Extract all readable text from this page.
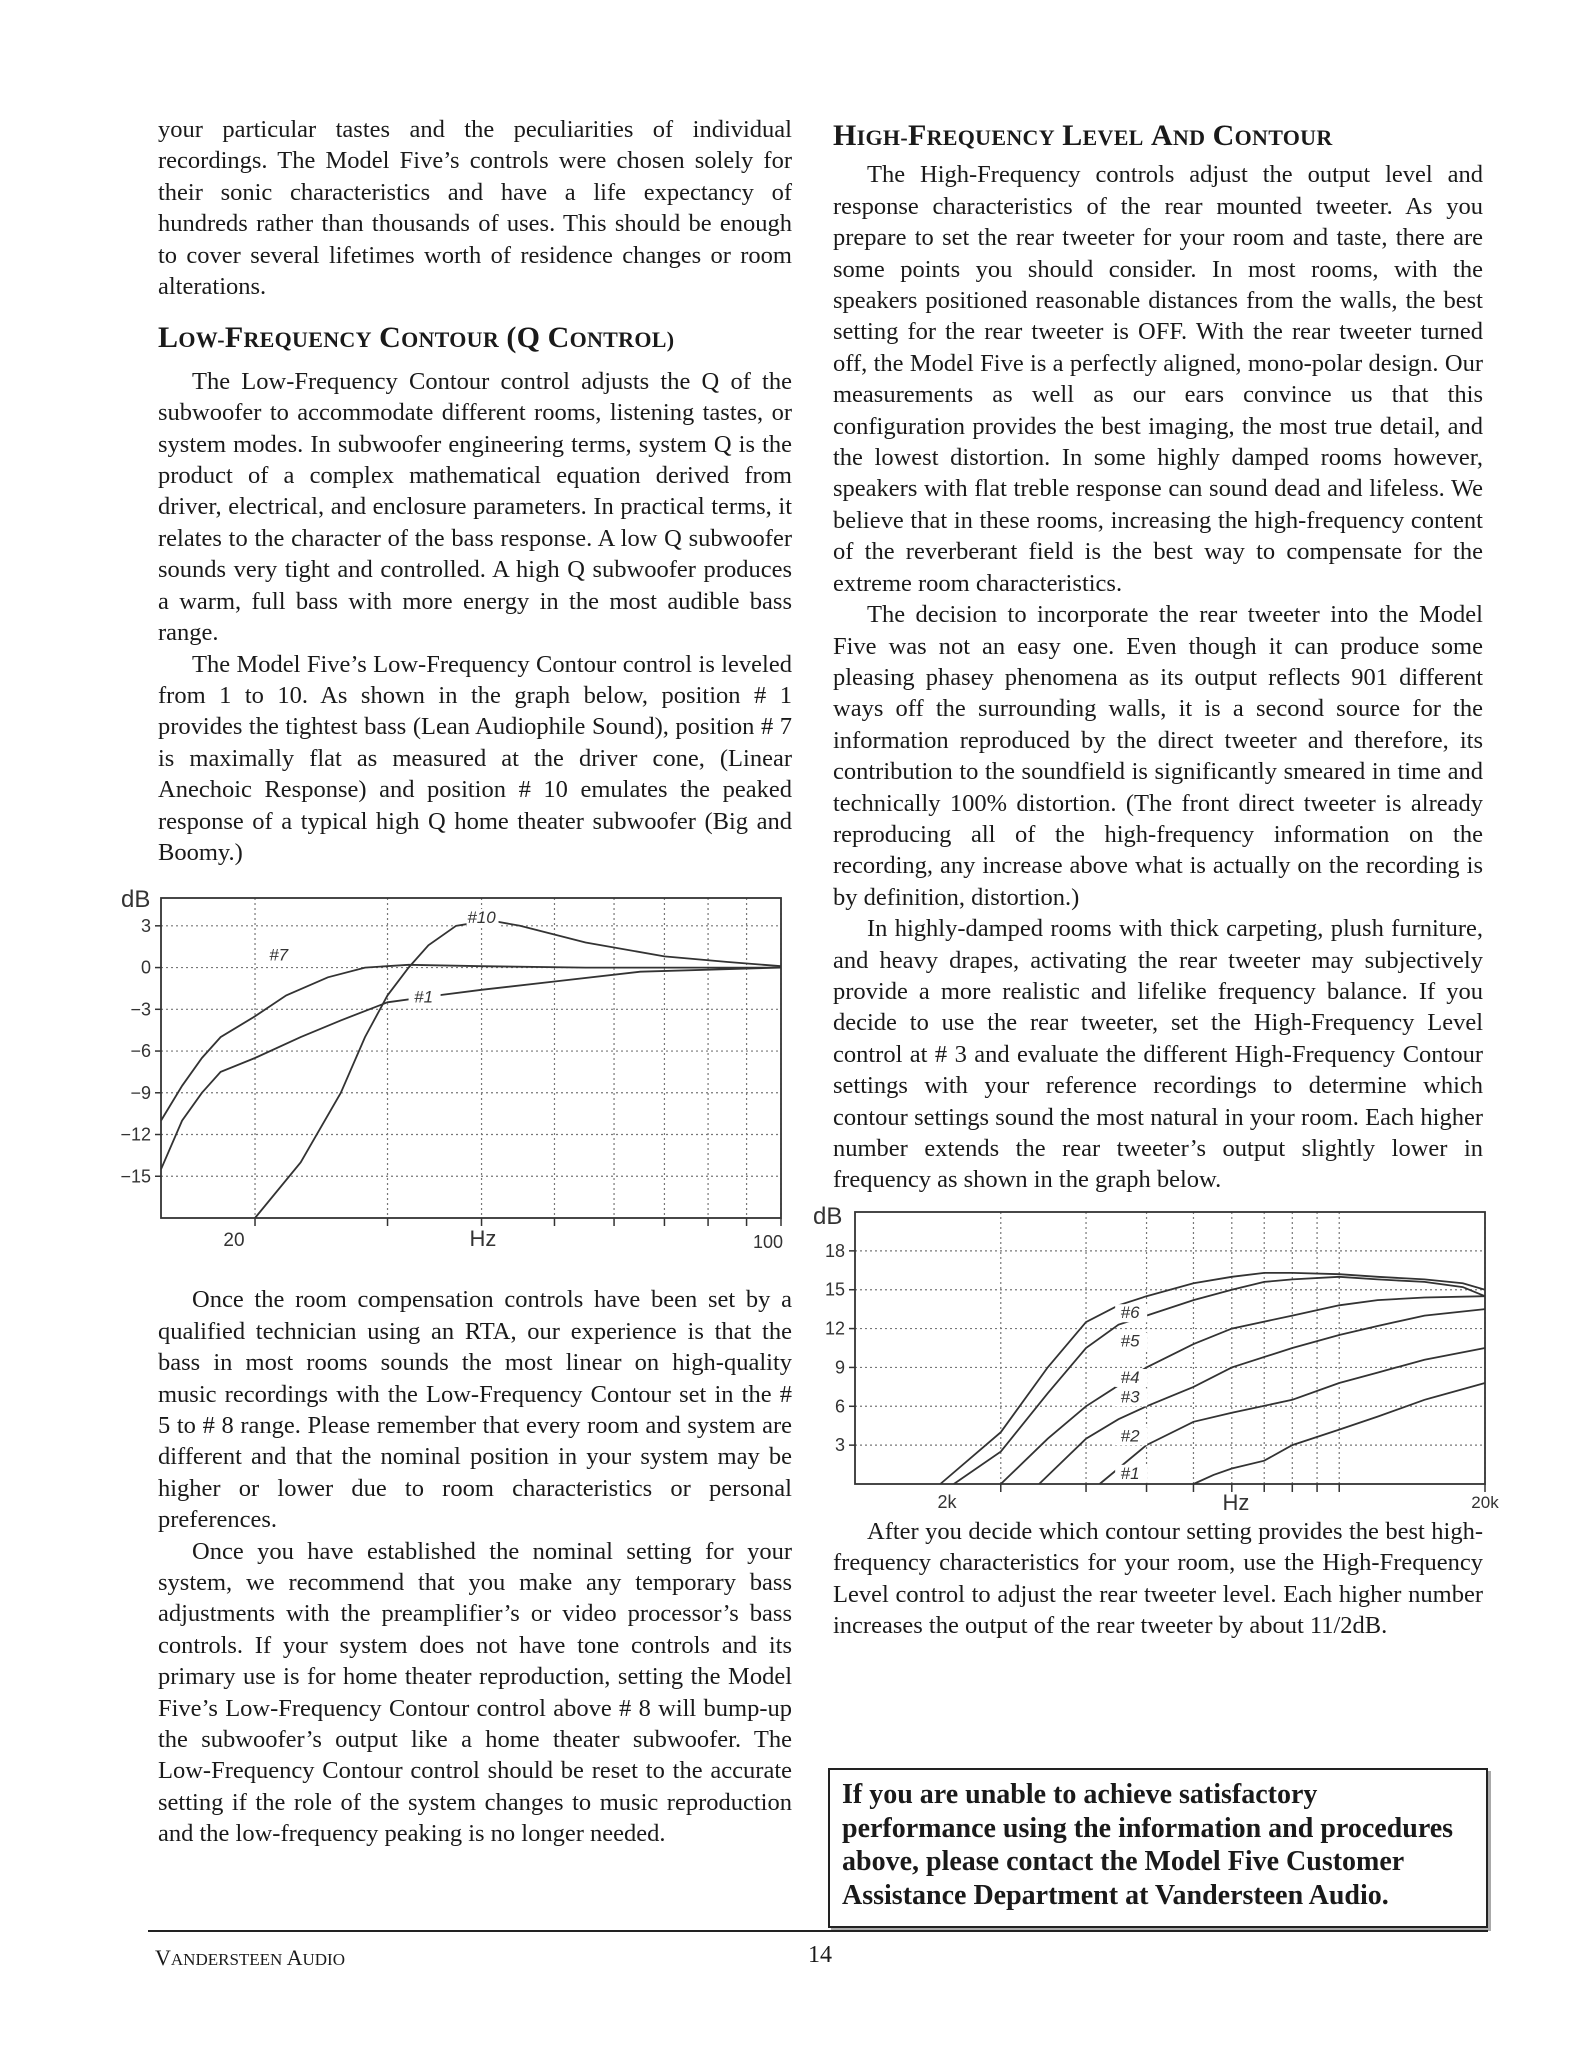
your particular tastes and the peculiarities of individual recordings. The Model Five’s controls were chosen solely for their sonic characteristics and have a life expectancy of hundreds rather than thousands of uses. This should be enough to cover several lifetimes worth of residence changes or room alterations.

LOW-FREQUENCY CONTOUR (Q CONTROL)

The Low-Frequency Contour control adjusts the Q of the subwoofer to accommodate different rooms, listening tastes, or system modes. In subwoofer engineering terms, system Q is the product of a complex mathematical equation derived from driver, electrical, and enclosure parameters. In practical terms, it relates to the character of the bass response. A low Q subwoofer sounds very tight and controlled. A high Q subwoofer produces a warm, full bass with more energy in the most audible bass range.

The Model Five’s Low-Frequency Contour control is leveled from 1 to 10. As shown in the graph below, position # 1 provides the tightest bass (Lean Audiophile Sound), position # 7 is maximally flat as measured at the driver cone, (Linear Anechoic Response) and position # 10 emulates the peaked response of a typical high Q home theater subwoofer (Big and Boomy.)

dB
3
0
−3
−6
−9
−12
−15
#10
#7
#1
20	Hz	100

Once the room compensation controls have been set by a qualified technician using an RTA, our experience is that the bass in most rooms sounds the most linear on high-quality music recordings with the Low-Frequency Contour set in the # 5 to # 8 range. Please remember that every room and system are different and that the nominal position in your system may be higher or lower due to room characteristics or personal preferences.

Once you have established the nominal setting for your system, we recommend that you make any temporary bass adjustments with the preamplifier’s or video processor’s bass controls. If your system does not have tone controls and its primary use is for home theater reproduction, setting the Model Five’s Low-Frequency Contour control above # 8 will bump-up the subwoofer’s output like a home theater subwoofer. The Low-Frequency Contour control should be reset to the accurate setting if the role of the system changes to music reproduction and the low-frequency peaking is no longer needed.

HIGH-FREQUENCY LEVEL AND CONTOUR

The High-Frequency controls adjust the output level and response characteristics of the rear mounted tweeter. As you prepare to set the rear tweeter for your room and taste, there are some points you should consider. In most rooms, with the speakers positioned reasonable distances from the walls, the best setting for the rear tweeter is OFF. With the rear tweeter turned off, the Model Five is a perfectly aligned, mono-polar design. Our measurements as well as our ears convince us that this configuration provides the best imaging, the most true detail, and the lowest distortion. In some highly damped rooms however, speakers with flat treble response can sound dead and lifeless. We believe that in these rooms, increasing the high-frequency content of the reverberant field is the best way to compensate for the extreme room characteristics.

The decision to incorporate the rear tweeter into the Model Five was not an easy one. Even though it can produce some pleasing phasey phenomena as its output reflects 901 different ways off the surrounding walls, it is a second source for the information reproduced by the direct tweeter and therefore, its contribution to the soundfield is significantly smeared in time and technically 100% distortion. (The front direct tweeter is already reproducing all of the high-frequency information on the recording, any increase above what is actually on the recording is by definition, distortion.)

In highly-damped rooms with thick carpeting, plush furniture, and heavy drapes, activating the rear tweeter may subjectively provide a more realistic and lifelike frequency balance. If you decide to use the rear tweeter, set the High-Frequency Level control at # 3 and evaluate the different High-Frequency Contour settings with your reference recordings to determine which contour settings sound the most natural in your room. Each higher number extends the rear tweeter’s output slightly lower in frequency as shown in the graph below.

dB
18
15
12
9
6
3
#6
#5
#4
#3
#2
#1
2k	Hz	20k

After you decide which contour setting provides the best high-frequency characteristics for your room, use the High-Frequency Level control to adjust the rear tweeter level. Each higher number increases the output of the rear tweeter by about 11/2dB.

If you are unable to achieve satisfactory performance using the information and procedures above, please contact the Model Five Customer Assistance Department at Vandersteen Audio.
VANDERSTEEN AUDIO	14
